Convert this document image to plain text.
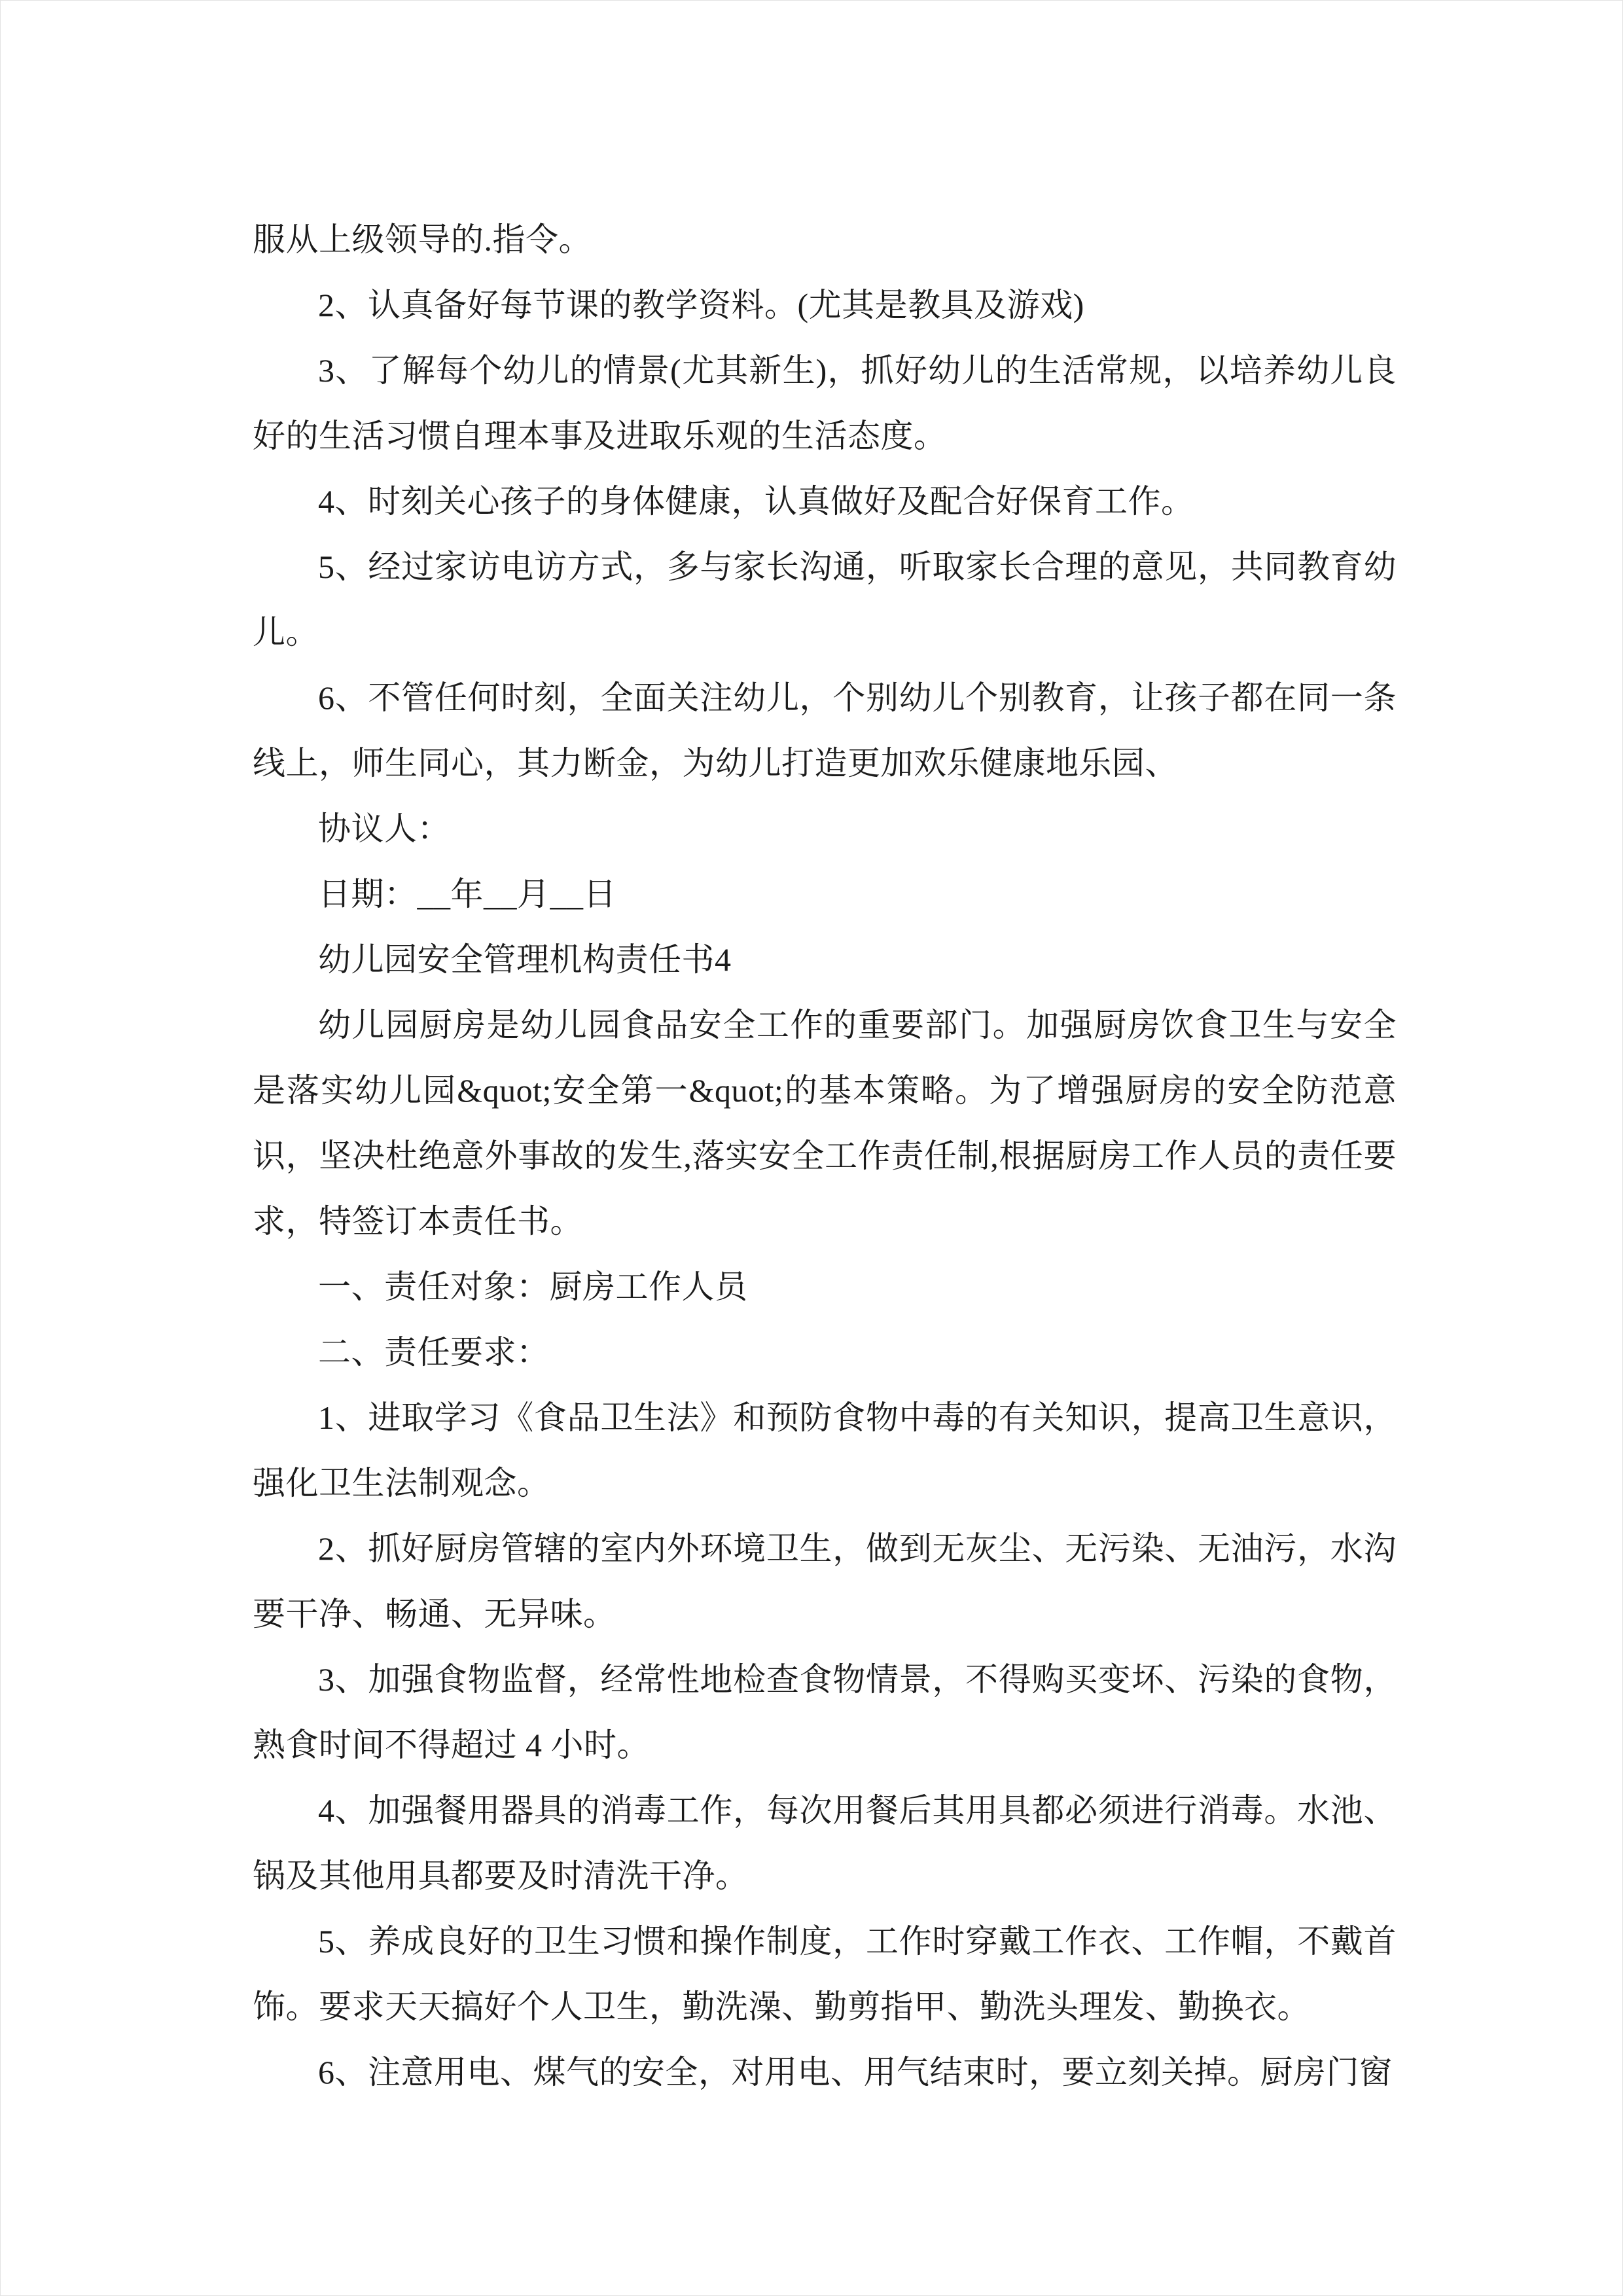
服从上级领导的.指令。

2、认真备好每节课的教学资料。(尤其是教具及游戏)

3、了解每个幼儿的情景(尤其新生)，抓好幼儿的生活常规，以培养幼儿良好的生活习惯自理本事及进取乐观的生活态度。

4、时刻关心孩子的身体健康，认真做好及配合好保育工作。

5、经过家访电访方式，多与家长沟通，听取家长合理的意见，共同教育幼儿。

6、不管任何时刻，全面关注幼儿，个别幼儿个别教育，让孩子都在同一条线上，师生同心，其力断金，为幼儿打造更加欢乐健康地乐园、

协议人：

日期：__年__月__日

幼儿园安全管理机构责任书4

幼儿园厨房是幼儿园食品安全工作的重要部门。加强厨房饮食卫生与安全是落实幼儿园&quot;安全第一&quot;的基本策略。为了增强厨房的安全防范意识，坚决杜绝意外事故的发生,落实安全工作责任制,根据厨房工作人员的责任要求，特签订本责任书。

一、责任对象：厨房工作人员

二、责任要求：

1、进取学习《食品卫生法》和预防食物中毒的有关知识，提高卫生意识，强化卫生法制观念。

2、抓好厨房管辖的室内外环境卫生，做到无灰尘、无污染、无油污，水沟要干净、畅通、无异味。

3、加强食物监督，经常性地检查食物情景，不得购买变坏、污染的食物，熟食时间不得超过 4 小时。

4、加强餐用器具的消毒工作，每次用餐后其用具都必须进行消毒。水池、锅及其他用具都要及时清洗干净。

5、养成良好的卫生习惯和操作制度，工作时穿戴工作衣、工作帽，不戴首饰。要求天天搞好个人卫生，勤洗澡、勤剪指甲、勤洗头理发、勤换衣。

6、注意用电、煤气的安全，对用电、用气结束时，要立刻关掉。厨房门窗
